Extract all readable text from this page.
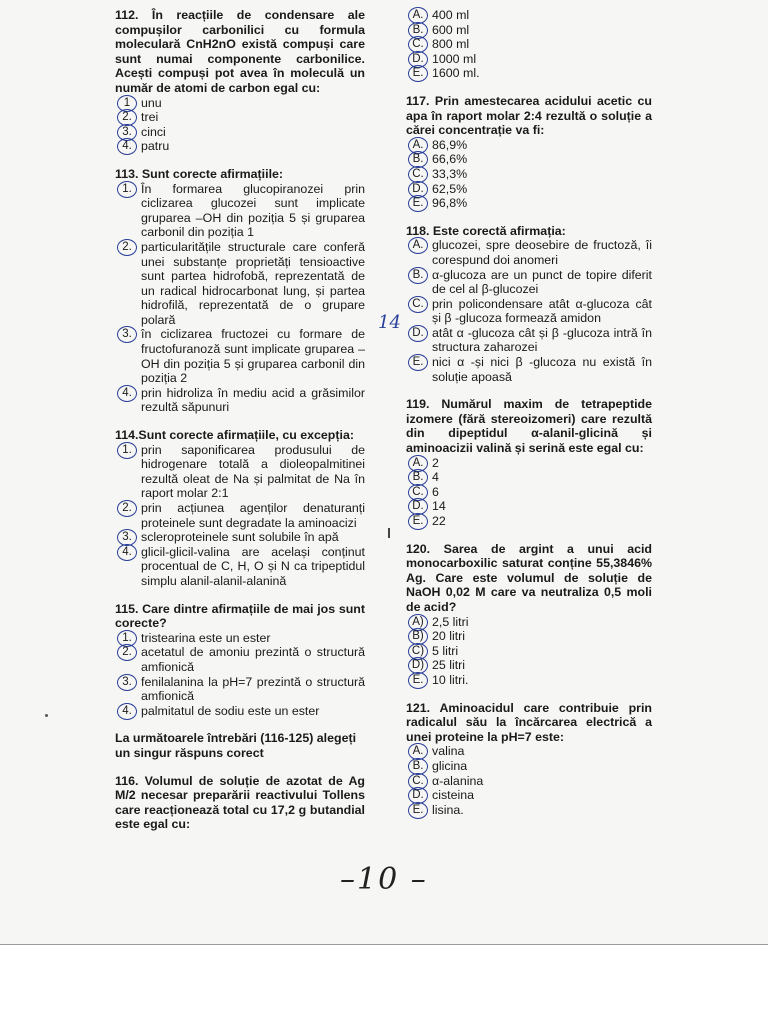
112. În reacțiile de condensare ale compușilor carbonilici cu formula moleculară CnH2nO există compuși care sunt numai componente carbonilice. Acești compuși pot avea în moleculă un număr de atomi de carbon egal cu:
1 unu
2. trei
3. cinci
4. patru
113. Sunt corecte afirmațiile:
1. În formarea glucopiranozei prin ciclizarea glucozei sunt implicate gruparea –OH din poziția 5 și gruparea carbonil din poziția 1
2. particularitățile structurale care conferă unei substanțe proprietăți tensioactive sunt partea hidrofobă, reprezentată de un radical hidrocarbonat lung, și partea hidrofilă, reprezentată de o grupare polară
3. în ciclizarea fructozei cu formare de fructofuranoză sunt implicate gruparea –OH din poziția 5 și gruparea carbonil din poziția 2
4. prin hidroliza în mediu acid a grăsimilor rezultă săpunuri
114.Sunt corecte afirmațiile, cu excepția:
1. prin saponificarea produsului de hidrogenare totală a dioleopalmitinei rezultă oleat de Na și palmitat de Na în raport molar 2:1
2. prin acțiunea agenților denaturanți proteinele sunt degradate la aminoacizi
3. scleroproteinele sunt solubile în apă
4. glicil-glicil-valina are același conținut procentual de C, H, O și N ca tripeptidul simplu alanil-alanil-alanină
115. Care dintre afirmațiile de mai jos sunt corecte?
1. tristearina este un ester
2. acetatul de amoniu prezintă o structură amfionică
3. fenilalanina la pH=7 prezintă o structură amfionică
4. palmitatul de sodiu este un ester
La următoarele întrebări (116-125) alegeți un singur răspuns corect
116. Volumul de soluție de azotat de Ag M/2 necesar preparării reactivului Tollens care reacționează total cu 17,2 g butandial este egal cu:
A. 400 ml
B. 600 ml
C. 800 ml
D. 1000 ml
E. 1600 ml.
117. Prin amestecarea acidului acetic cu apa în raport molar 2:4 rezultă o soluție a cărei concentrație va fi:
A. 86,9%
B. 66,6%
C. 33,3%
D. 62,5%
E. 96,8%
118. Este corectă afirmația:
A. glucozei, spre deosebire de fructoză, îi corespund doi anomeri
B. α-glucoza are un punct de topire diferit de cel al β-glucozei
C. prin policondensare atât α-glucoza cât și β -glucoza formează amidon
D. atât α -glucoza cât și β -glucoza intră în structura zaharozei
E. nici α -și nici β -glucoza nu există în soluție apoasă
119. Numărul maxim de tetrapeptide izomere (fără stereoizomeri) care rezultă din dipeptidul α-alanil-glicină și aminoacizii valină și serină este egal cu:
A. 2
B. 4
C. 6
D. 14
E. 22
120. Sarea de argint a unui acid monocarboxilic saturat conține 55,3846% Ag. Care este volumul de soluție de NaOH 0,02 M care va neutraliza 0,5 moli de acid?
A) 2,5 litri
B) 20 litri
C) 5 litri
D) 25 litri
E. 10 litri.
121. Aminoacidul care contribuie prin radicalul său la încărcarea electrică a unei proteine la pH=7 este:
A. valina
B. glicina
C. α-alanina
D. cisteina
E. lisina.
14
–10 –
